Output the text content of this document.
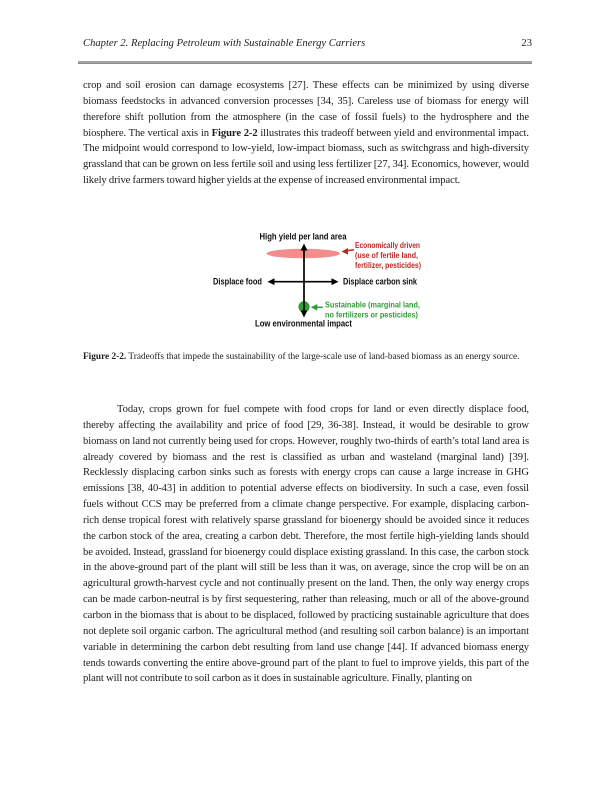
Chapter 2. Replacing Petroleum with Sustainable Energy Carriers	23

crop and soil erosion can damage ecosystems [27]. These effects can be minimized by using diverse biomass feedstocks in advanced conversion processes [34, 35]. Careless use of biomass for energy will therefore shift pollution from the atmosphere (in the case of fossil fuels) to the hydrosphere and the biosphere. The vertical axis in Figure 2-2 illustrates this tradeoff between yield and environmental impact. The midpoint would correspond to low-yield, low-impact biomass, such as switchgrass and high-diversity grassland that can be grown on less fertile soil and using less fertilizer [27, 34]. Economics, however, would likely drive farmers toward higher yields at the expense of increased environmental impact.

High yield per land area
Displace food	Displace carbon sink
Low environmental impact
Economically driven
(use of fertile land,
fertilizer, pesticides)
Sustainable (marginal land,
no fertilizers or pesticides)

Figure 2-2. Tradeoffs that impede the sustainability of the large-scale use of land-based biomass as an energy source.

Today, crops grown for fuel compete with food crops for land or even directly displace food, thereby affecting the availability and price of food [29, 36-38]. Instead, it would be desirable to grow biomass on land not currently being used for crops. However, roughly two-thirds of earth’s total land area is already covered by biomass and the rest is classified as urban and wasteland (marginal land) [39]. Recklessly displacing carbon sinks such as forests with energy crops can cause a large increase in GHG emissions [38, 40-43] in addition to potential adverse effects on biodiversity. In such a case, even fossil fuels without CCS may be preferred from a climate change perspective. For example, displacing carbon-rich dense tropical forest with relatively sparse grassland for bioenergy should be avoided since it reduces the carbon stock of the area, creating a carbon debt. Therefore, the most fertile high-yielding lands should be avoided. Instead, grassland for bioenergy could displace existing grassland. In this case, the carbon stock in the above-ground part of the plant will still be less than it was, on average, since the crop will be on an agricultural growth-harvest cycle and not continually present on the land. Then, the only way energy crops can be made carbon-neutral is by first sequestering, rather than releasing, much or all of the above-ground carbon in the biomass that is about to be displaced, followed by practicing sustainable agriculture that does not deplete soil organic carbon. The agricultural method (and resulting soil carbon balance) is an important variable in determining the carbon debt resulting from land use change [44]. If advanced biomass energy tends towards converting the entire above-ground part of the plant to fuel to improve yields, this part of the plant will not contribute to soil carbon as it does in sustainable agriculture. Finally, planting on
